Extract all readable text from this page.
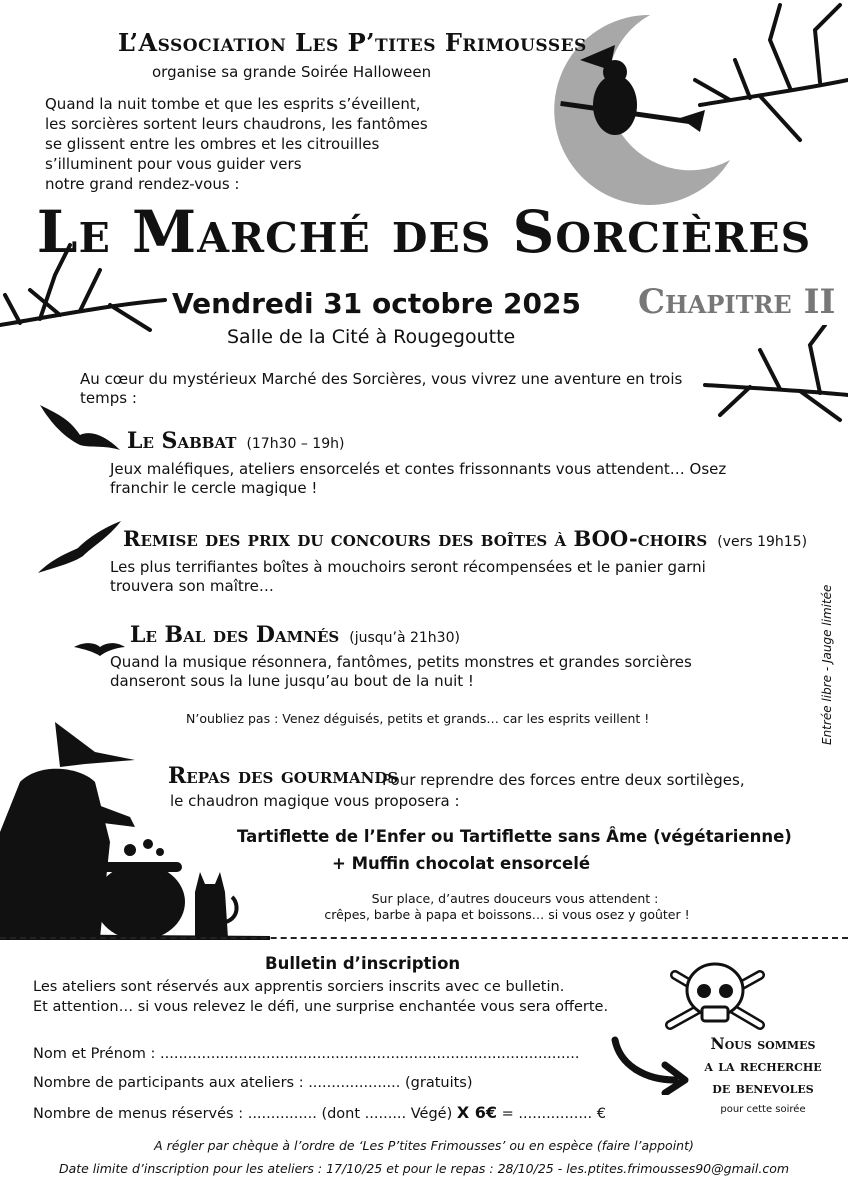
L’Association Les P’tites Frimousses
organise sa grande Soirée Halloween
Quand la nuit tombe et que les esprits s’éveillent,
les sorcières sortent leurs chaudrons, les fantômes
se glissent entre les ombres et les citrouilles
s’illuminent pour vous guider vers
notre grand rendez-vous :
Le Marché des Sorcières
Vendredi 31 octobre 2025 Chapitre II
Salle de la Cité à Rougegoutte
Au cœur du mystérieux Marché des Sorcières, vous vivrez une aventure en trois temps :
Le Sabbat (17h30 – 19h)
Jeux maléfiques, ateliers ensorcelés et contes frissonnants vous attendent… Osez franchir le cercle magique !
Remise des prix du concours des boîtes à BOO-choirs (vers 19h15)
Les plus terrifiantes boîtes à mouchoirs seront récompensées et le panier garni trouvera son maître…
Le Bal des Damnés (jusqu’à 21h30)
Quand la musique résonnera, fantômes, petits monstres et grandes sorcières danseront sous la lune jusqu’au bout de la nuit !
N’oubliez pas : Venez déguisés, petits et grands… car les esprits veillent !	Entrée libre - Jauge limitée
Repas des gourmands
Pour reprendre des forces entre deux sortilèges,
le chaudron magique vous proposera :
Tartiflette de l’Enfer ou Tartiflette sans Âme (végétarienne)
+ Muffin chocolat ensorcelé
Sur place, d’autres douceurs vous attendent :
crêpes, barbe à papa et boissons… si vous osez y goûter !
Bulletin d’inscription
Les ateliers sont réservés aux apprentis sorciers inscrits avec ce bulletin.
Et attention… si vous relevez le défi, une surprise enchantée vous sera offerte.
Nom et Prénom : ...........................................................................................
Nombre de participants aux ateliers : .................... (gratuits)
Nombre de menus réservés : ............... (dont ......... Végé) X 6€ = ................ €
Nous sommes
a la recherche
de benevoles
pour cette soirée
A régler par chèque à l’ordre de ‘Les P’tites Frimousses’ ou en espèce (faire l’appoint)
Date limite d’inscription pour les ateliers : 17/10/25 et pour le repas : 28/10/25 - les.ptites.frimousses90@gmail.com
